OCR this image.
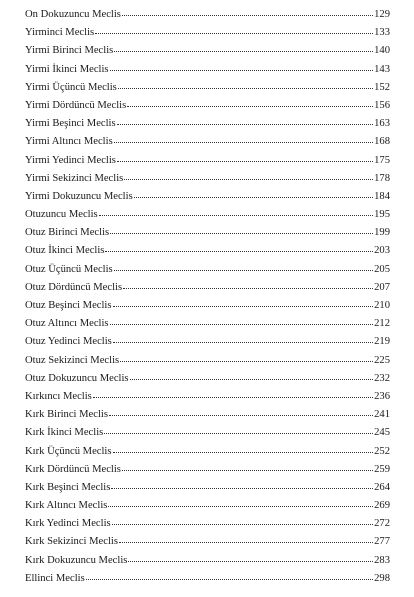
On Dokuzuncu Meclis	129
Yirminci Meclis	133
Yirmi Birinci Meclis	140
Yirmi İkinci Meclis	143
Yirmi Üçüncü Meclis	152
Yirmi Dördüncü Meclis	156
Yirmi Beşinci Meclis	163
Yirmi Altıncı Meclis	168
Yirmi Yedinci Meclis	175
Yirmi Sekizinci Meclis	178
Yirmi Dokuzuncu Meclis	184
Otuzuncu Meclis	195
Otuz Birinci Meclis	199
Otuz İkinci Meclis	203
Otuz Üçüncü Meclis	205
Otuz Dördüncü Meclis	207
Otuz Beşinci Meclis	210
Otuz Altıncı Meclis	212
Otuz Yedinci Meclis	219
Otuz Sekizinci Meclis	225
Otuz Dokuzuncu Meclis	232
Kırkıncı Meclis	236
Kırk Birinci Meclis	241
Kırk İkinci Meclis	245
Kırk Üçüncü Meclis	252
Kırk Dördüncü Meclis	259
Kırk Beşinci Meclis	264
Kırk Altıncı Meclis	269
Kırk Yedinci Meclis	272
Kırk Sekizinci Meclis	277
Kırk Dokuzuncu Meclis	283
Ellinci Meclis	298
